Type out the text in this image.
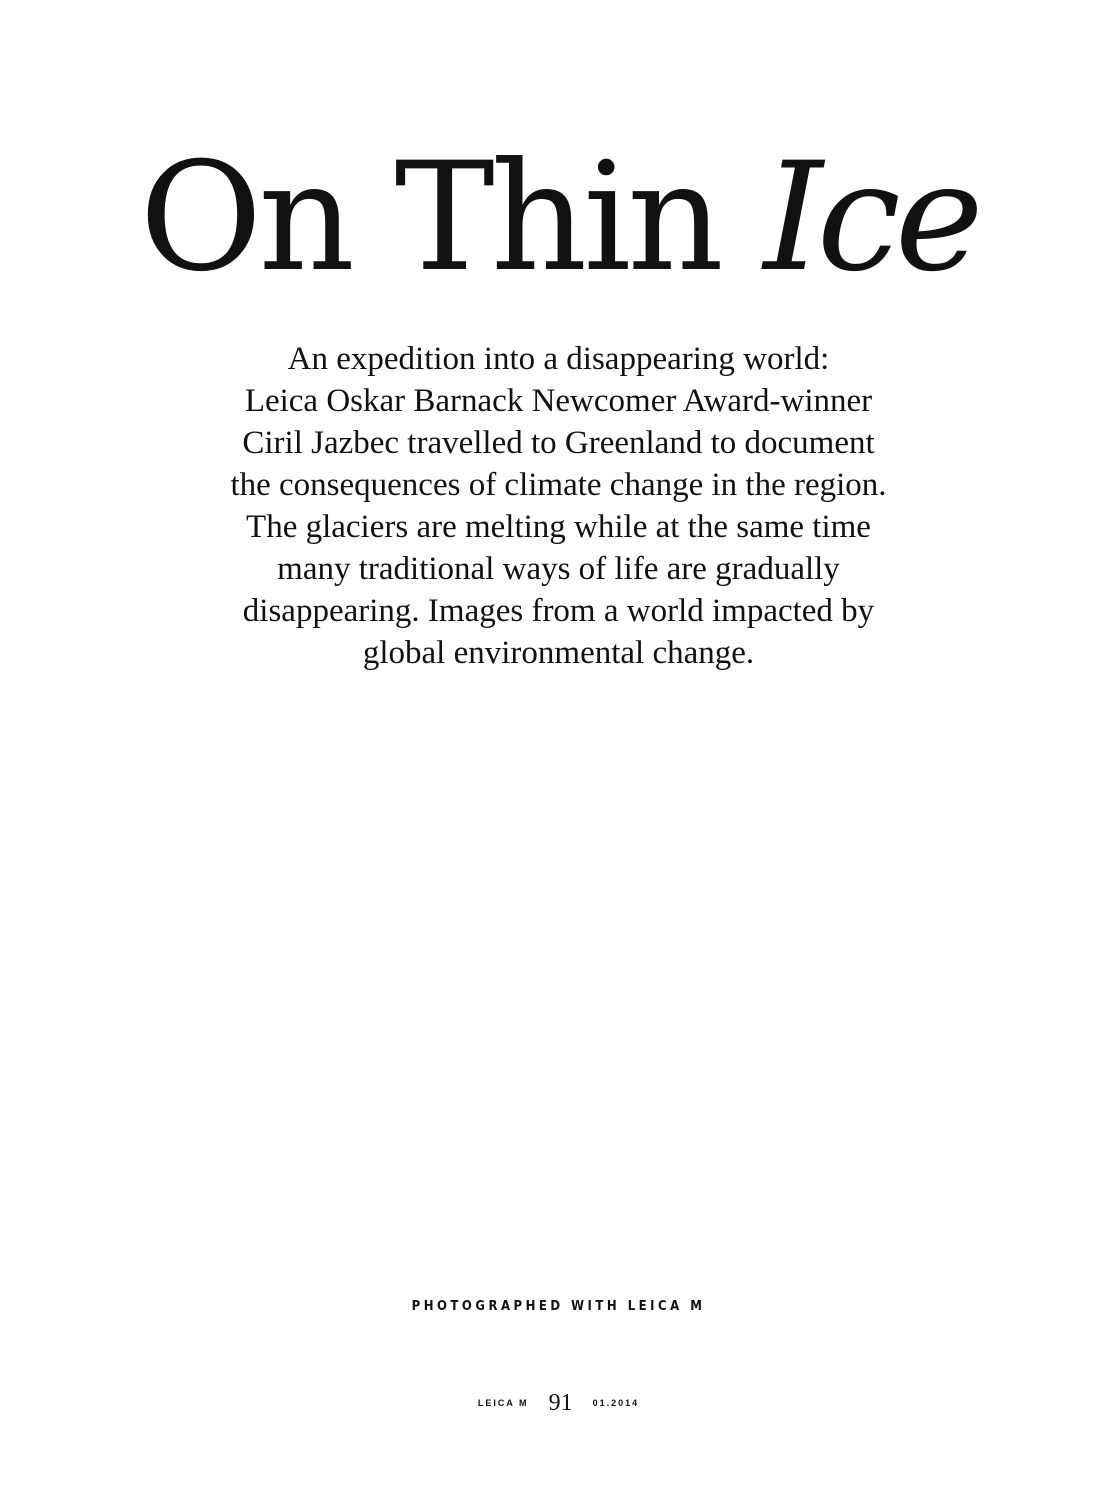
On Thin Ice

An expedition into a disappearing world:
Leica Oskar Barnack Newcomer Award-winner
Ciril Jazbec travelled to Greenland to document
the consequences of climate change in the region.
The glaciers are melting while at the same time
many traditional ways of life are gradually
disappearing. Images from a world impacted by
global environmental change.

PHOTOGRAPHED WITH LEICA M

LEICA M 91 01.2014
